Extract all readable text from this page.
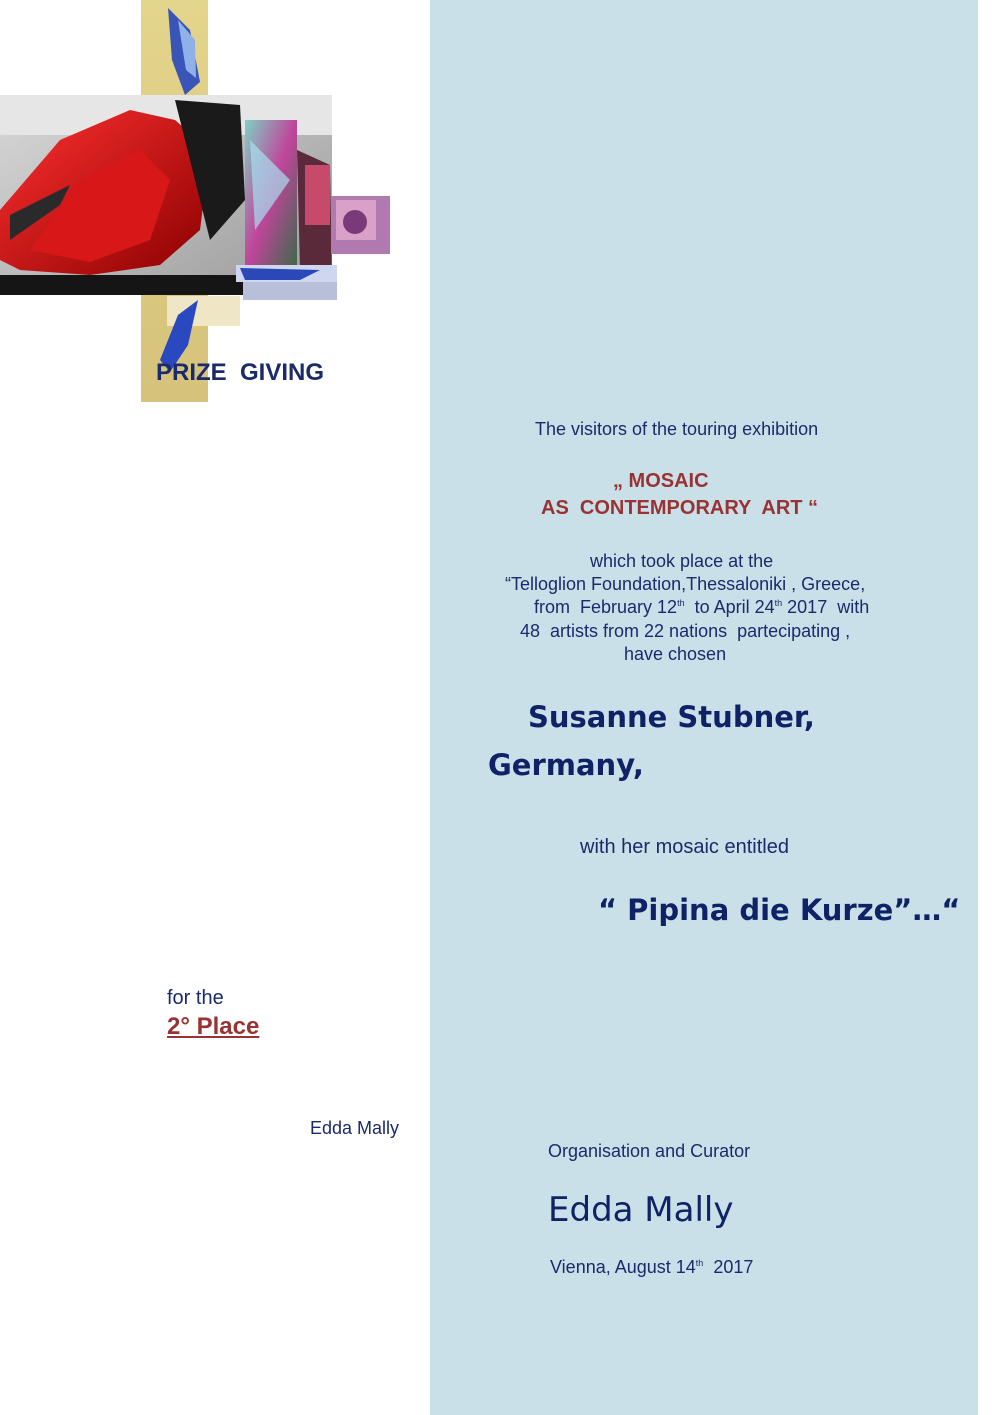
PRIZE  GIVING
The visitors of the touring exhibition
„ MOSAIC
AS  CONTEMPORARY  ART “
which took place at the
“Telloglion Foundation,Thessaloniki , Greece,
from  February 12th  to April 24th 2017  with
48  artists from 22 nations  partecipating ,
have chosen
Susanne Stubner,
Germany,
with her mosaic entitled
“ Pipina die Kurze”…“
for the
2° Place
Edda Mally
Organisation and Curator
Edda Mally
Vienna, August 14th  2017
